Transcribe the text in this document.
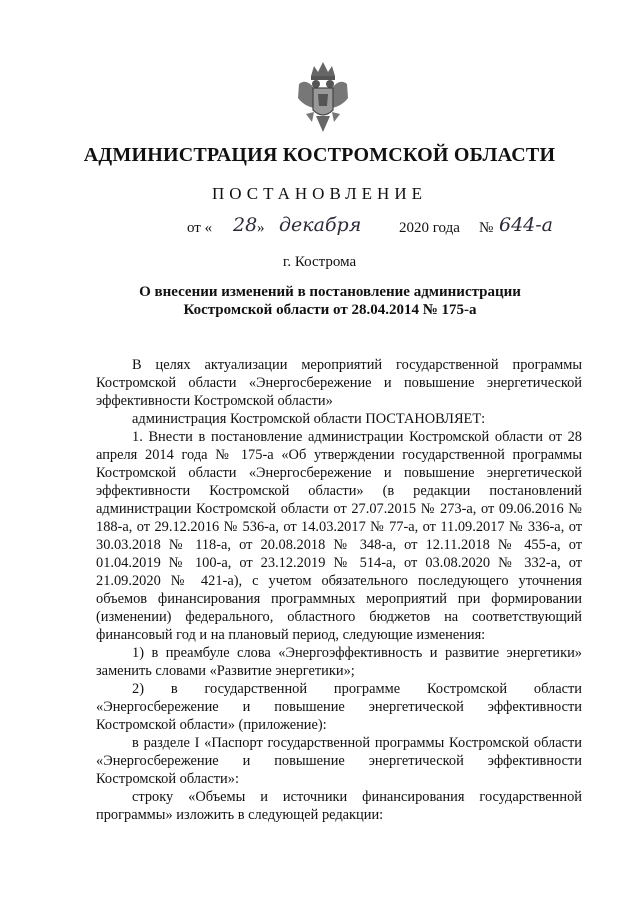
АДМИНИСТРАЦИЯ КОСТРОМСКОЙ ОБЛАСТИ
ПОСТАНОВЛЕНИЕ
от « 28 » декабря	2020 года № 644-а
г. Кострома
О внесении изменений в постановление администрации
Костромской области от 28.04.2014 № 175-а

В целях актуализации мероприятий государственной программы Костромской области «Энергосбережение и повышение энергетической эффективности Костромской области»

администрация Костромской области ПОСТАНОВЛЯЕТ:

1. Внести в постановление администрации Костромской области от 28 апреля 2014 года № 175-а «Об утверждении государственной программы Костромской области «Энергосбережение и повышение энергетической эффективности Костромской области» (в редакции постановлений администрации Костромской области от 27.07.2015 № 273-а, от 09.06.2016 № 188-а, от 29.12.2016 № 536-а, от 14.03.2017 № 77-а, от 11.09.2017 № 336-а, от 30.03.2018 № 118-а, от 20.08.2018 № 348-а, от 12.11.2018 № 455-а, от 01.04.2019 № 100-а, от 23.12.2019 № 514-а, от 03.08.2020 № 332-а, от 21.09.2020 № 421-а), с учетом обязательного последующего уточнения объемов финансирования программных мероприятий при формировании (изменении) федерального, областного бюджетов на соответствующий финансовый год и на плановый период, следующие изменения:

1) в преамбуле слова «Энергоэффективность и развитие энергетики» заменить словами «Развитие энергетики»;

2) в государственной программе Костромской области «Энергосбережение и повышение энергетической эффективности Костромской области» (приложение):

в разделе I «Паспорт государственной программы Костромской области «Энергосбережение и повышение энергетической эффективности Костромской области»:

строку «Объемы и источники финансирования государственной программы» изложить в следующей редакции:
